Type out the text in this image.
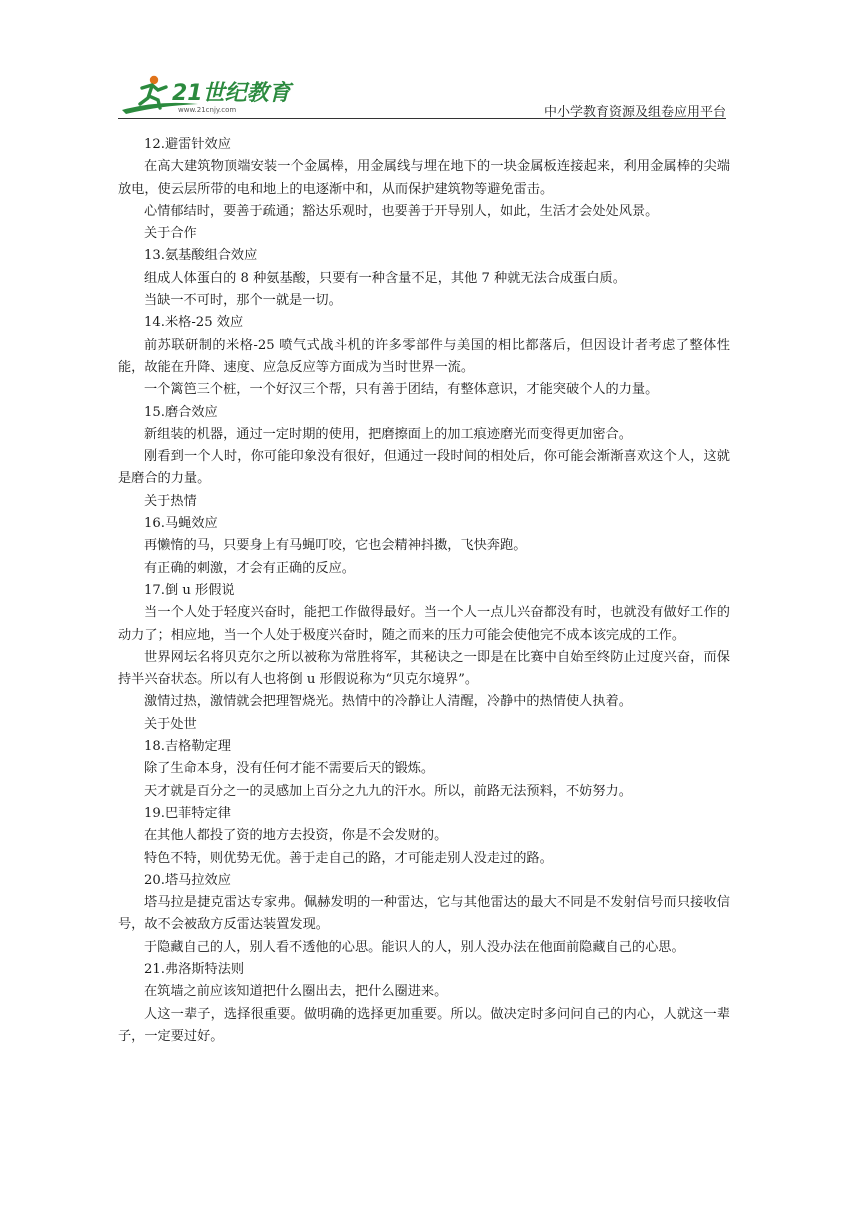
21世纪教育
www.21cnjy.com	中小学教育资源及组卷应用平台
12.避雷针效应
在高大建筑物顶端安装一个金属棒，用金属线与埋在地下的一块金属板连接起来，利用金属棒的尖端放电，使云层所带的电和地上的电逐渐中和，从而保护建筑物等避免雷击。
心情郁结时，要善于疏通；豁达乐观时，也要善于开导别人，如此，生活才会处处风景。
关于合作
13.氨基酸组合效应
组成人体蛋白的 8 种氨基酸，只要有一种含量不足，其他 7 种就无法合成蛋白质。
当缺一不可时，那个一就是一切。
14.米格-25 效应
前苏联研制的米格-25 喷气式战斗机的许多零部件与美国的相比都落后，但因设计者考虑了整体性能，故能在升降、速度、应急反应等方面成为当时世界一流。
一个篱笆三个桩，一个好汉三个帮，只有善于团结，有整体意识，才能突破个人的力量。
15.磨合效应
新组装的机器，通过一定时期的使用，把磨擦面上的加工痕迹磨光而变得更加密合。
刚看到一个人时，你可能印象没有很好，但通过一段时间的相处后，你可能会渐渐喜欢这个人，这就是磨合的力量。
关于热情
16.马蝇效应
再懒惰的马，只要身上有马蝇叮咬，它也会精神抖擞，飞快奔跑。
有正确的刺激，才会有正确的反应。
17.倒 u 形假说
当一个人处于轻度兴奋时，能把工作做得最好。当一个人一点儿兴奋都没有时，也就没有做好工作的动力了；相应地，当一个人处于极度兴奋时，随之而来的压力可能会使他完不成本该完成的工作。
世界网坛名将贝克尔之所以被称为常胜将军，其秘诀之一即是在比赛中自始至终防止过度兴奋，而保持半兴奋状态。所以有人也将倒 u 形假说称为“贝克尔境界”。
激情过热，激情就会把理智烧光。热情中的冷静让人清醒，冷静中的热情使人执着。
关于处世
18.吉格勒定理
除了生命本身，没有任何才能不需要后天的锻炼。
天才就是百分之一的灵感加上百分之九九的汗水。所以，前路无法预料，不妨努力。
19.巴菲特定律
在其他人都投了资的地方去投资，你是不会发财的。
特色不特，则优势无优。善于走自己的路，才可能走别人没走过的路。
20.塔马拉效应
塔马拉是捷克雷达专家弗。佩赫发明的一种雷达，它与其他雷达的最大不同是不发射信号而只接收信号，故不会被敌方反雷达装置发现。
于隐藏自己的人，别人看不透他的心思。能识人的人，别人没办法在他面前隐藏自己的心思。
21.弗洛斯特法则
在筑墙之前应该知道把什么圈出去，把什么圈进来。
人这一辈子，选择很重要。做明确的选择更加重要。所以。做决定时多问问自己的内心，人就这一辈子，一定要过好。
